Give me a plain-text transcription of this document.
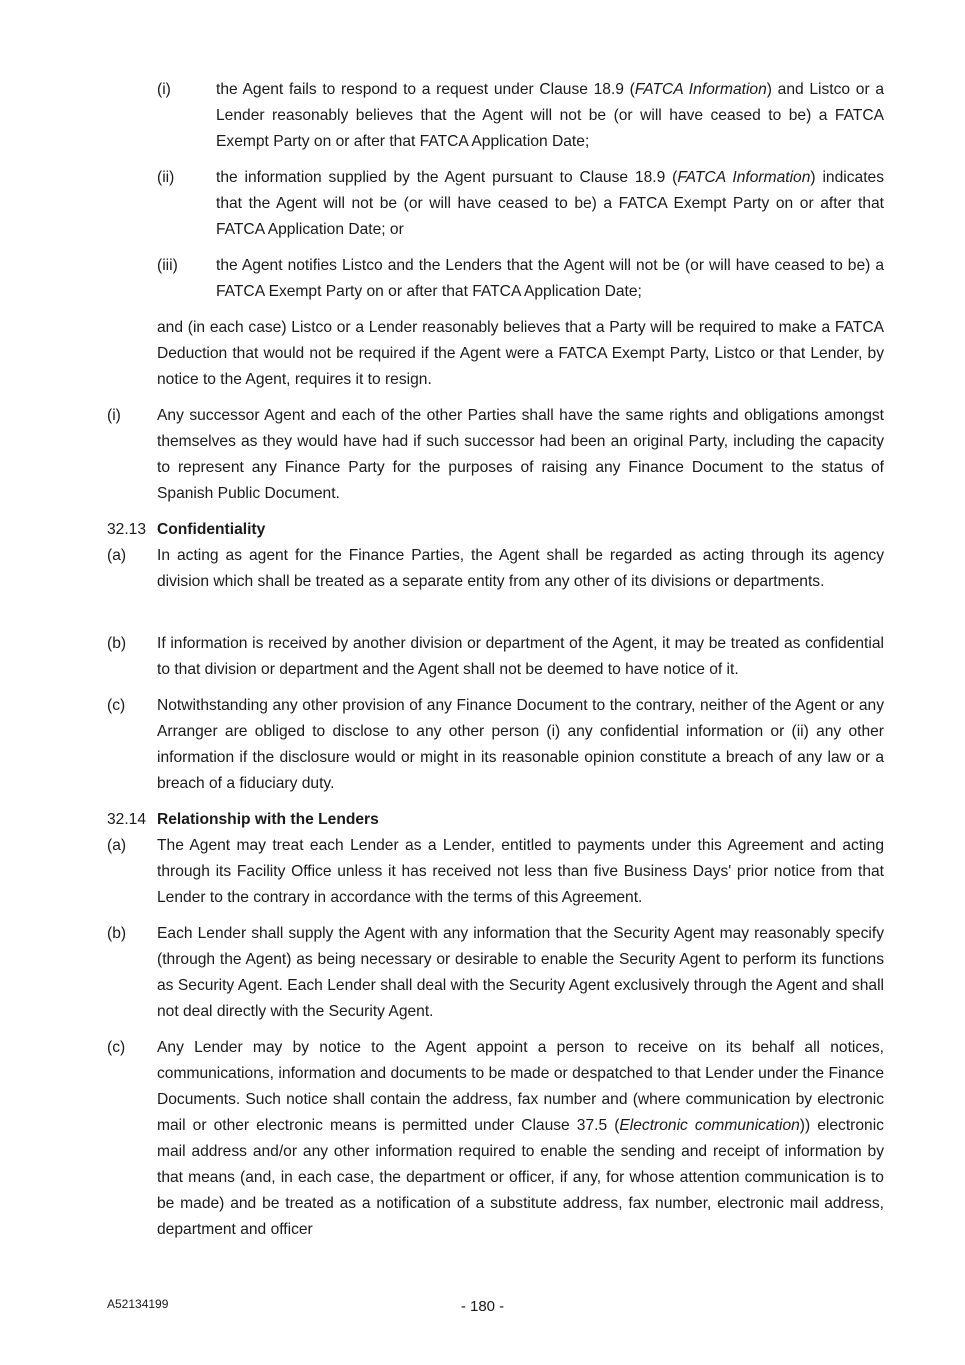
(i)	the Agent fails to respond to a request under Clause 18.9 (FATCA Information) and Listco or a Lender reasonably believes that the Agent will not be (or will have ceased to be) a FATCA Exempt Party on or after that FATCA Application Date;

(ii)	the information supplied by the Agent pursuant to Clause 18.9 (FATCA Information) indicates that the Agent will not be (or will have ceased to be) a FATCA Exempt Party on or after that FATCA Application Date; or

(iii) the Agent notifies Listco and the Lenders that the Agent will not be (or will have ceased to be) a FATCA Exempt Party on or after that FATCA Application Date;

and (in each case) Listco or a Lender reasonably believes that a Party will be required to make a FATCA Deduction that would not be required if the Agent were a FATCA Exempt Party, Listco or that Lender, by notice to the Agent, requires it to resign.

(i) Any successor Agent and each of the other Parties shall have the same rights and obligations amongst themselves as they would have had if such successor had been an original Party, including the capacity to represent any Finance Party for the purposes of raising any Finance Document to the status of Spanish Public Document.

32.13 Confidentiality

(a) In acting as agent for the Finance Parties, the Agent shall be regarded as acting through its agency division which shall be treated as a separate entity from any other of its divisions or departments.

(b) If information is received by another division or department of the Agent, it may be treated as confidential to that division or department and the Agent shall not be deemed to have notice of it.

(c) Notwithstanding any other provision of any Finance Document to the contrary, neither of the Agent or any Arranger are obliged to disclose to any other person (i) any confidential information or (ii) any other information if the disclosure would or might in its reasonable opinion constitute a breach of any law or a breach of a fiduciary duty.

32.14 Relationship with the Lenders

(a) The Agent may treat each Lender as a Lender, entitled to payments under this Agreement and acting through its Facility Office unless it has received not less than five Business Days' prior notice from that Lender to the contrary in accordance with the terms of this Agreement.

(b) Each Lender shall supply the Agent with any information that the Security Agent may reasonably specify (through the Agent) as being necessary or desirable to enable the Security Agent to perform its functions as Security Agent. Each Lender shall deal with the Security Agent exclusively through the Agent and shall not deal directly with the Security Agent.

(c) Any Lender may by notice to the Agent appoint a person to receive on its behalf all notices, communications, information and documents to be made or despatched to that Lender under the Finance Documents. Such notice shall contain the address, fax number and (where communication by electronic mail or other electronic means is permitted under Clause 37.5 (Electronic communication)) electronic mail address and/or any other information required to enable the sending and receipt of information by that means (and, in each case, the department or officer, if any, for whose attention communication is to be made) and be treated as a notification of a substitute address, fax number, electronic mail address, department and officer

A52134199	- 180 -
